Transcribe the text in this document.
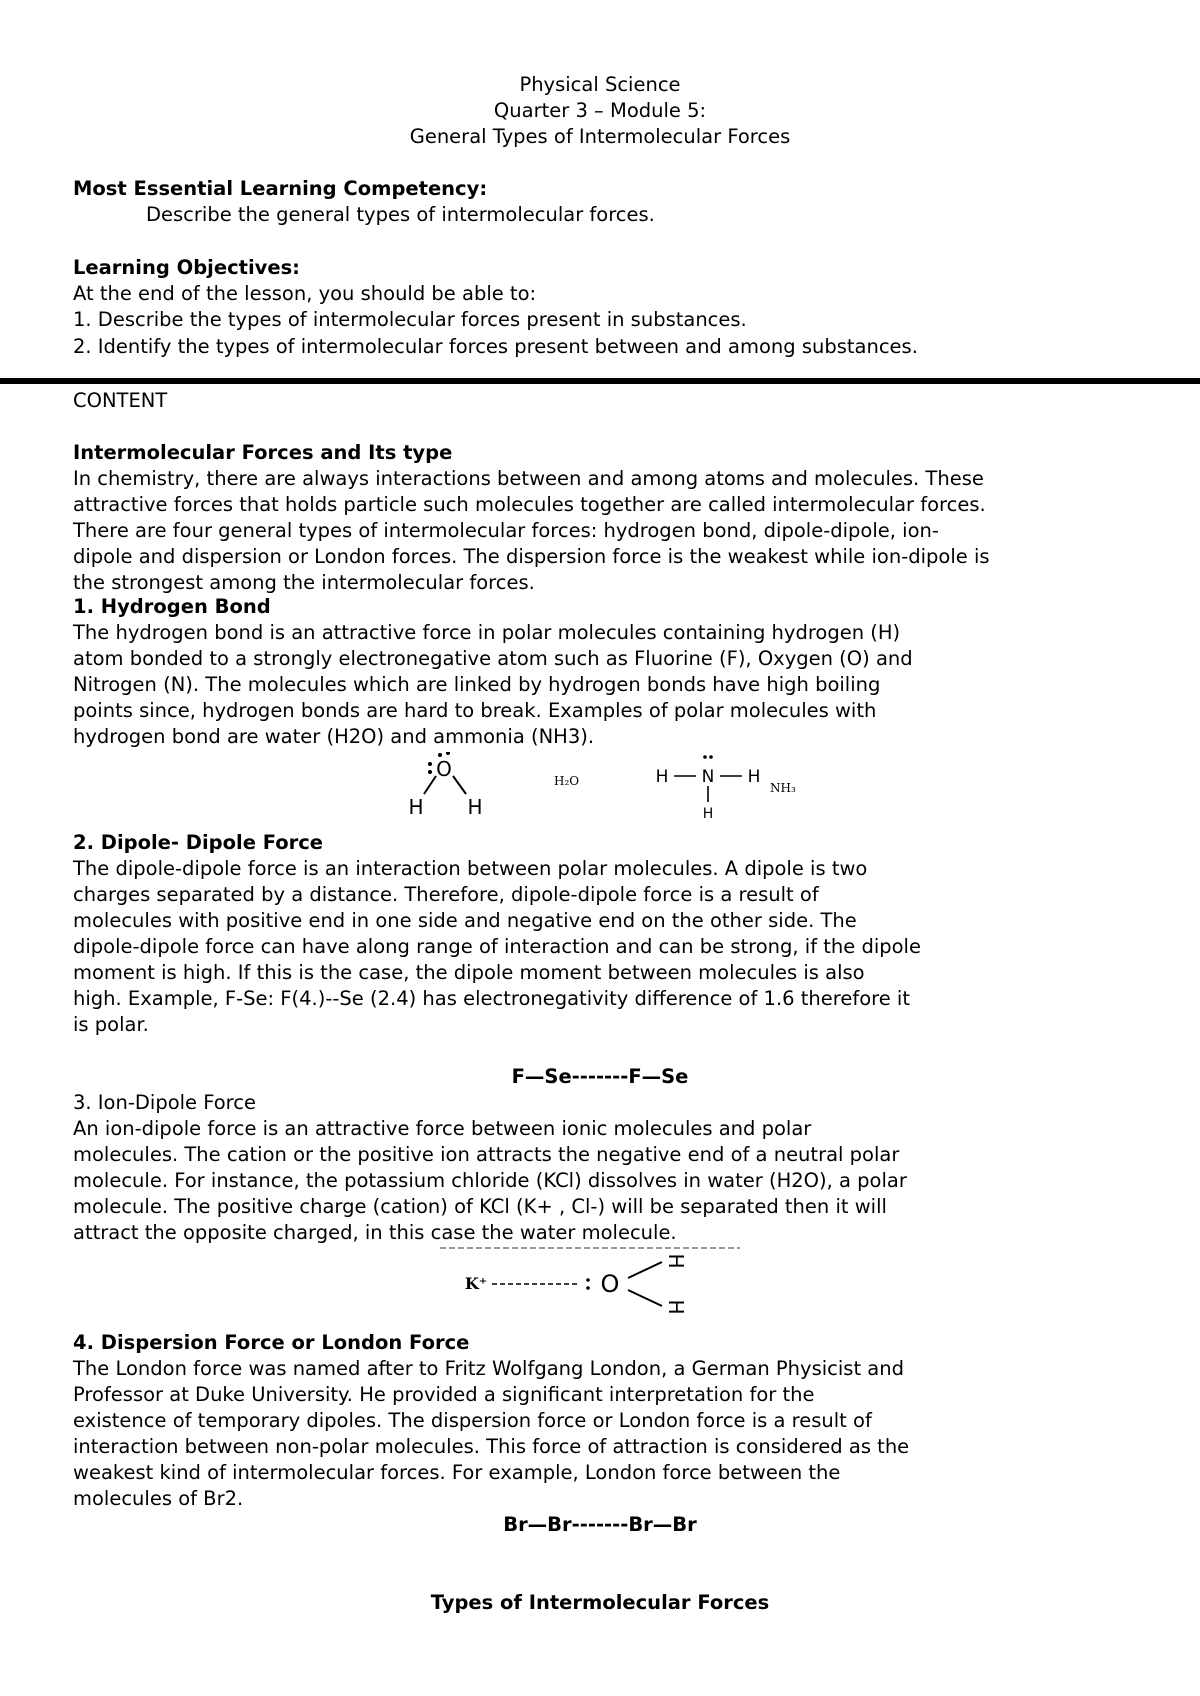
Physical Science
Quarter 3 – Module 5:
General Types of Intermolecular Forces
Most Essential Learning Competency:
Describe the general types of intermolecular forces.
Learning Objectives:
At the end of the lesson, you should be able to:
1. Describe the types of intermolecular forces present in substances.
2. Identify the types of intermolecular forces present between and among substances.
CONTENT
Intermolecular Forces and Its type
In chemistry, there are always interactions between and among atoms and molecules. These
attractive forces that holds particle such molecules together are called intermolecular forces.
There are four general types of intermolecular forces: hydrogen bond, dipole-dipole, ion-
dipole and dispersion or London forces. The dispersion force is the weakest while ion-dipole is
the strongest among the intermolecular forces.
1. Hydrogen Bond
The hydrogen bond is an attractive force in polar molecules containing hydrogen (H)
atom bonded to a strongly electronegative atom such as Fluorine (F), Oxygen (O) and
Nitrogen (N). The molecules which are linked by hydrogen bonds have high boiling
points since, hydrogen bonds are hard to break. Examples of polar molecules with
hydrogen bond are water (H2O) and ammonia (NH3).
O
H H
H₂O	H N H
H
NH₃
2. Dipole- Dipole Force
The dipole-dipole force is an interaction between polar molecules. A dipole is two
charges separated by a distance. Therefore, dipole-dipole force is a result of
molecules with positive end in one side and negative end on the other side. The
dipole-dipole force can have along range of interaction and can be strong, if the dipole
moment is high. If this is the case, the dipole moment between molecules is also
high. Example, F-Se: F(4.)--Se (2.4) has electronegativity difference of 1.6 therefore it
is polar.
F—Se-------F—Se
3. Ion-Dipole Force
An ion-dipole force is an attractive force between ionic molecules and polar
molecules. The cation or the positive ion attracts the negative end of a neutral polar
molecule. For instance, the potassium chloride (KCl) dissolves in water (H2O), a polar
molecule. The positive charge (cation) of KCl (K+ , Cl-) will be separated then it will
attract the opposite charged, in this case the water molecule.
K⁺	O
H
H
4. Dispersion Force or London Force
The London force was named after to Fritz Wolfgang London, a German Physicist and
Professor at Duke University. He provided a significant interpretation for the
existence of temporary dipoles. The dispersion force or London force is a result of
interaction between non-polar molecules. This force of attraction is considered as the
weakest kind of intermolecular forces. For example, London force between the
molecules of Br2.
Br—Br-------Br—Br
Types of Intermolecular Forces
